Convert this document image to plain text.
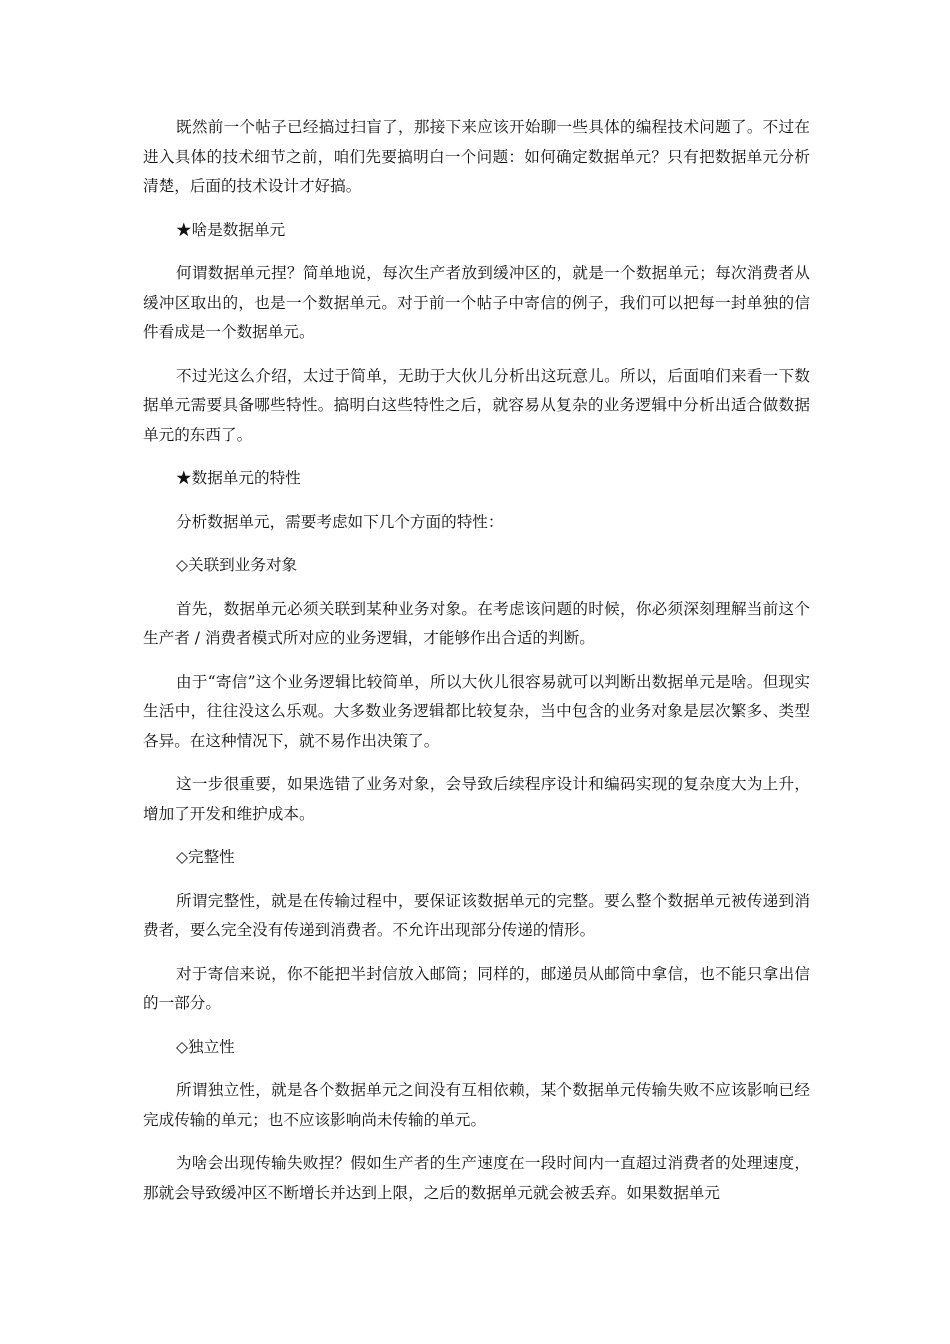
既然前一个帖子已经搞过扫盲了，那接下来应该开始聊一些具体的编程技术问题了。不过在进入具体的技术细节之前，咱们先要搞明白一个问题：如何确定数据单元？只有把数据单元分析清楚，后面的技术设计才好搞。

★啥是数据单元

何谓数据单元捏？简单地说，每次生产者放到缓冲区的，就是一个数据单元；每次消费者从缓冲区取出的，也是一个数据单元。对于前一个帖子中寄信的例子，我们可以把每一封单独的信件看成是一个数据单元。

不过光这么介绍，太过于简单，无助于大伙儿分析出这玩意儿。所以，后面咱们来看一下数据单元需要具备哪些特性。搞明白这些特性之后，就容易从复杂的业务逻辑中分析出适合做数据单元的东西了。

★数据单元的特性

分析数据单元，需要考虑如下几个方面的特性：

◇关联到业务对象

首先，数据单元必须关联到某种业务对象。在考虑该问题的时候，你必须深刻理解当前这个生产者 / 消费者模式所对应的业务逻辑，才能够作出合适的判断。

由于“寄信”这个业务逻辑比较简单，所以大伙儿很容易就可以判断出数据单元是啥。但现实生活中，往往没这么乐观。大多数业务逻辑都比较复杂，当中包含的业务对象是层次繁多、类型各异。在这种情况下，就不易作出决策了。

这一步很重要，如果选错了业务对象，会导致后续程序设计和编码实现的复杂度大为上升，增加了开发和维护成本。

◇完整性

所谓完整性，就是在传输过程中，要保证该数据单元的完整。要么整个数据单元被传递到消费者，要么完全没有传递到消费者。不允许出现部分传递的情形。

对于寄信来说，你不能把半封信放入邮筒；同样的，邮递员从邮筒中拿信，也不能只拿出信的一部分。

◇独立性

所谓独立性，就是各个数据单元之间没有互相依赖，某个数据单元传输失败不应该影响已经完成传输的单元；也不应该影响尚未传输的单元。

为啥会出现传输失败捏？假如生产者的生产速度在一段时间内一直超过消费者的处理速度，那就会导致缓冲区不断增长并达到上限，之后的数据单元就会被丢弃。如果数据单元
